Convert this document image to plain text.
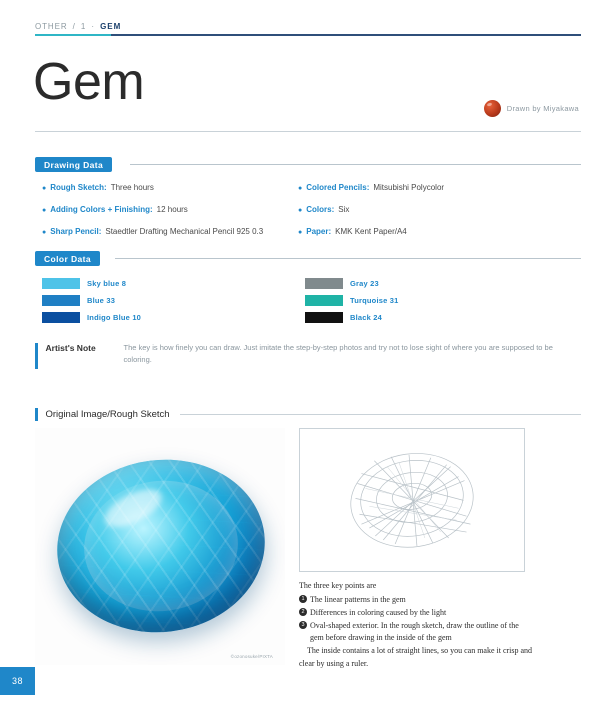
OTHER / 1 · GEM
Gem	Drawn by Miyakawa
Drawing Data
● Rough Sketch: Three hours
● Adding Colors + Finishing: 12 hours
● Sharp Pencil: Staedtler Drafting Mechanical Pencil 925 0.3
● Colored Pencils: Mitsubishi Polycolor
● Colors: Six
● Paper: KMK Kent Paper/A4
Color Data
Sky blue 8
Blue 33
Indigo Blue 10
Gray 23
Turquoise 31
Black 24
Artist's Note	The key is how finely you can draw. Just imitate the step-by-step photos and try not to lose sight of where you are supposed to be coloring.
Original Image/Rough Sketch
©ozonosuke/PIXTA

The three key points are

1 The linear patterns in the gem
2 Differences in coloring caused by the light
3 Oval-shaped exterior. In the rough sketch, draw the outline of the gem before drawing in the inside of the gem

The inside contains a lot of straight lines, so you can make it crisp and clear by using a ruler.

38
